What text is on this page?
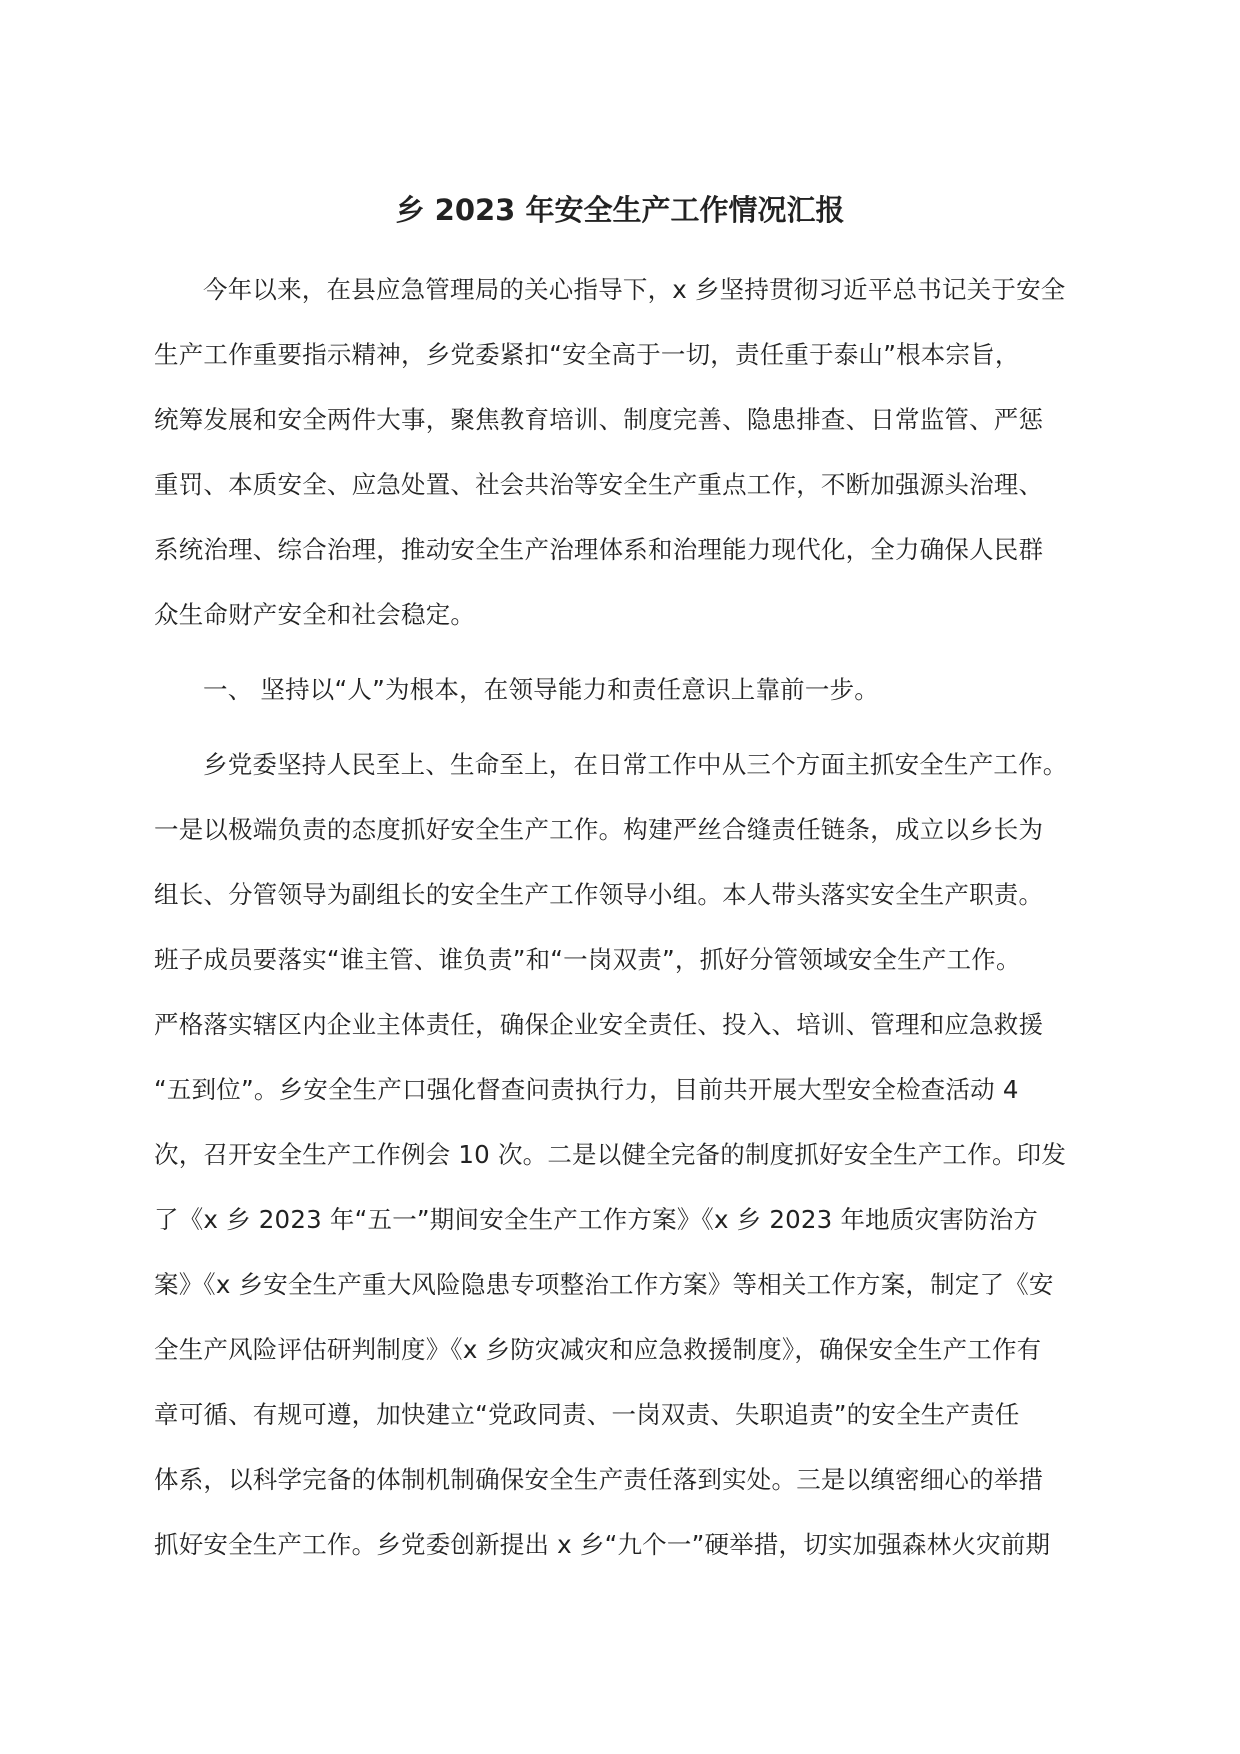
乡 2023 年安全生产工作情况汇报
今年以来，在县应急管理局的关心指导下，x 乡坚持贯彻习近平总书记关于安全
生产工作重要指示精神，乡党委紧扣“安全高于一切，责任重于泰山”根本宗旨，
统筹发展和安全两件大事，聚焦教育培训、制度完善、隐患排查、日常监管、严惩
重罚、本质安全、应急处置、社会共治等安全生产重点工作，不断加强源头治理、
系统治理、综合治理，推动安全生产治理体系和治理能力现代化，全力确保人民群
众生命财产安全和社会稳定。
一、 坚持以“人”为根本，在领导能力和责任意识上靠前一步。
乡党委坚持人民至上、生命至上，在日常工作中从三个方面主抓安全生产工作。
一是以极端负责的态度抓好安全生产工作。构建严丝合缝责任链条，成立以乡长为
组长、分管领导为副组长的安全生产工作领导小组。本人带头落实安全生产职责。
班子成员要落实“谁主管、谁负责”和“一岗双责”，抓好分管领域安全生产工作。
严格落实辖区内企业主体责任，确保企业安全责任、投入、培训、管理和应急救援
“五到位”。乡安全生产口强化督查问责执行力，目前共开展大型安全检查活动 4
次，召开安全生产工作例会 10 次。二是以健全完备的制度抓好安全生产工作。印发
了《x 乡 2023 年“五一”期间安全生产工作方案》《x 乡 2023 年地质灾害防治方
案》《x 乡安全生产重大风险隐患专项整治工作方案》等相关工作方案，制定了《安
全生产风险评估研判制度》《x 乡防灾减灾和应急救援制度》，确保安全生产工作有
章可循、有规可遵，加快建立“党政同责、一岗双责、失职追责”的安全生产责任
体系，以科学完备的体制机制确保安全生产责任落到实处。三是以缜密细心的举措
抓好安全生产工作。乡党委创新提出 x 乡“九个一”硬举措，切实加强森林火灾前期
